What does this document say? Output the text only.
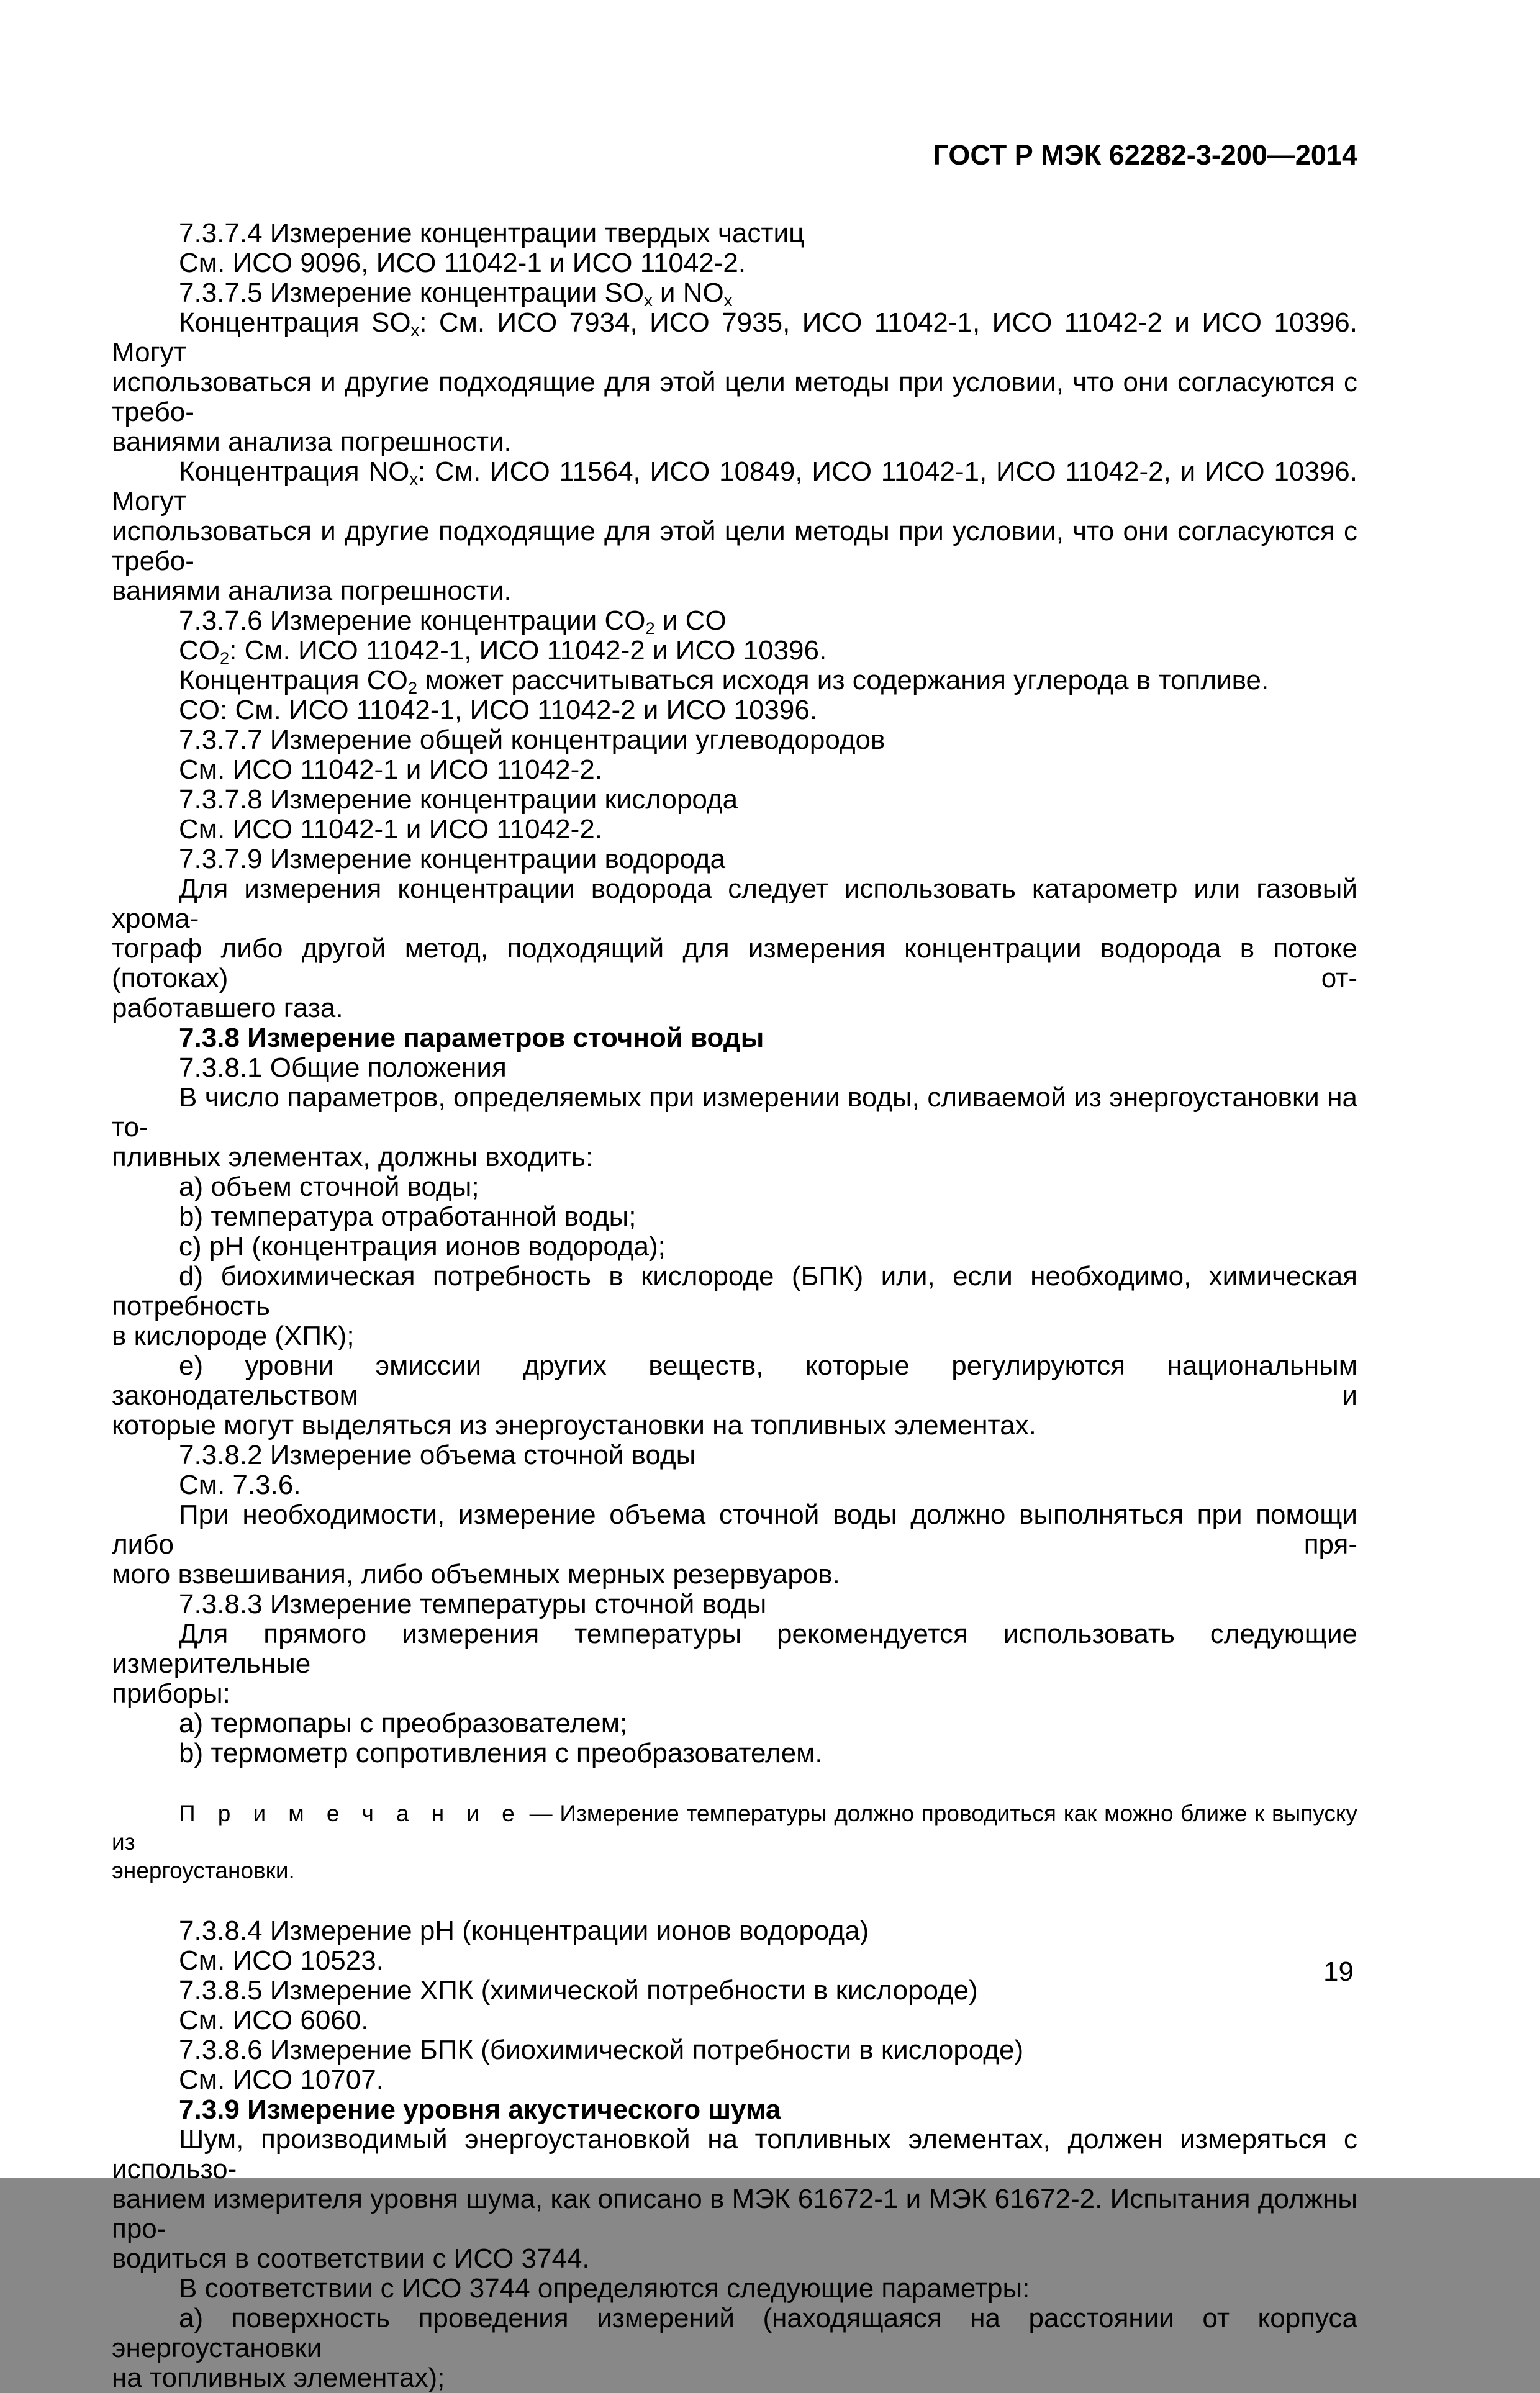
ГОСТ Р МЭК 62282-3-200—2014
7.3.7.4 Измерение концентрации твердых частиц
См. ИСО 9096, ИСО 11042-1 и ИСО 11042-2.
7.3.7.5 Измерение концентрации $SO_x$ и $NO_x$
Концентрация $SO_x$: См. ИСО 7934, ИСО 7935, ИСО 11042-1, ИСО 11042-2 и ИСО 10396. Могут
использоваться и другие подходящие для этой цели методы при условии, что они согласуются с требо-
ваниями анализа погрешности.
Концентрация $NO_x$: См. ИСО 11564, ИСО 10849, ИСО 11042-1, ИСО 11042-2, и ИСО 10396. Могут
использоваться и другие подходящие для этой цели методы при условии, что они согласуются с требо-
ваниями анализа погрешности.
7.3.7.6 Измерение концентрации $CO_2$ и CO
$CO_2$: См. ИСО 11042-1, ИСО 11042-2 и ИСО 10396.
Концентрация $CO_2$ может рассчитываться исходя из содержания углерода в топливе.
CO: См. ИСО 11042-1, ИСО 11042-2 и ИСО 10396.
7.3.7.7 Измерение общей концентрации углеводородов
См. ИСО 11042-1 и ИСО 11042-2.
7.3.7.8 Измерение концентрации кислорода
См. ИСО 11042-1 и ИСО 11042-2.
7.3.7.9 Измерение концентрации водорода
Для измерения концентрации водорода следует использовать катарометр или газовый хрома-
тограф либо другой метод, подходящий для измерения концентрации водорода в потоке (потоках) от-
работавшего газа.
7.3.8 Измерение параметров сточной воды
7.3.8.1 Общие положения
В число параметров, определяемых при измерении воды, сливаемой из энергоустановки на то-
пливных элементах, должны входить:
a) объем сточной воды;
b) температура отработанной воды;
c) pH (концентрация ионов водорода);
d) биохимическая потребность в кислороде (БПК) или, если необходимо, химическая потребность
в кислороде (ХПК);
e) уровни эмиссии других веществ, которые регулируются национальным законодательством и
которые могут выделяться из энергоустановки на топливных элементах.
7.3.8.2 Измерение объема сточной воды
См. 7.3.6.
При необходимости, измерение объема сточной воды должно выполняться при помощи либо пря-
мого взвешивания, либо объемных мерных резервуаров.
7.3.8.3 Измерение температуры сточной воды
Для прямого измерения температуры рекомендуется использовать следующие измерительные
приборы:
a) термопары с преобразователем;
b) термометр сопротивления с преобразователем.
П р и м е ч а н и е — Измерение температуры должно проводиться как можно ближе к выпуску из
энергоустановки.
7.3.8.4 Измерение pH (концентрации ионов водорода)
См. ИСО 10523.
7.3.8.5 Измерение ХПК (химической потребности в кислороде)
См. ИСО 6060.
7.3.8.6 Измерение БПК (биохимической потребности в кислороде)
См. ИСО 10707.
7.3.9 Измерение уровня акустического шума
Шум, производимый энергоустановкой на топливных элементах, должен измеряться с использо-
ванием измерителя уровня шума, как описано в МЭК 61672-1 и МЭК 61672-2. Испытания должны про-
водиться в соответствии с ИСО 3744.
В соответствии с ИСО 3744 определяются следующие параметры:
a) поверхность проведения измерений (находящаяся на расстоянии от корпуса энергоустановки
на топливных элементах);
19
